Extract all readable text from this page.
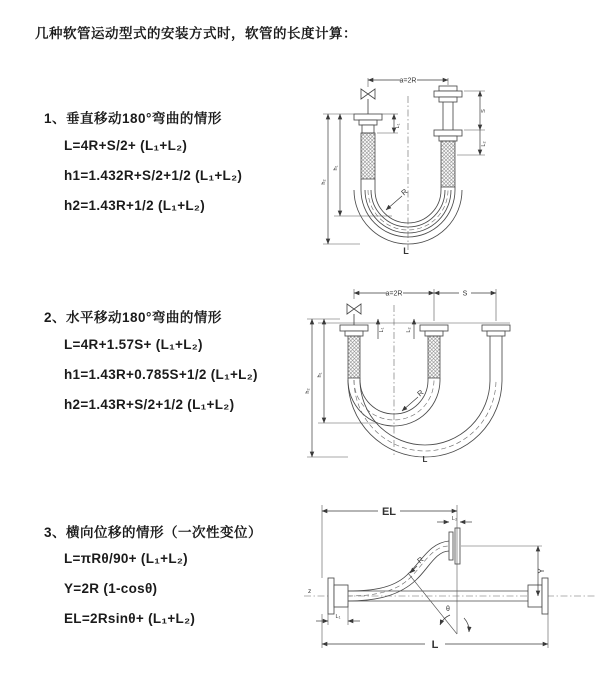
几种软管运动型式的安装方式时，软管的长度计算：
1、垂直移动180°弯曲的情形
L=4R+S/2+ (L₁+L₂)
h1=1.432R+S/2+1/2 (L₁+L₂)
h2=1.43R+1/2 (L₁+L₂)
a=2R
L₁
S
L₂
h₂
h₁
R
L
2、水平移动180°弯曲的情形
L=4R+1.57S+ (L₁+L₂)
h1=1.43R+0.785S+1/2 (L₁+L₂)
h2=1.43R+S/2+1/2 (L₁+L₂)
a=2R	S
L₁	L₂
h₂
h₁
R
L
3、横向位移的情形（一次性变位）
L=πRθ/90+ (L₁+L₂)
Y=2R (1-cosθ)
EL=2Rsinθ+ (L₁+L₂)
z
EL
L₂
Y
θ
R
L₁
L
